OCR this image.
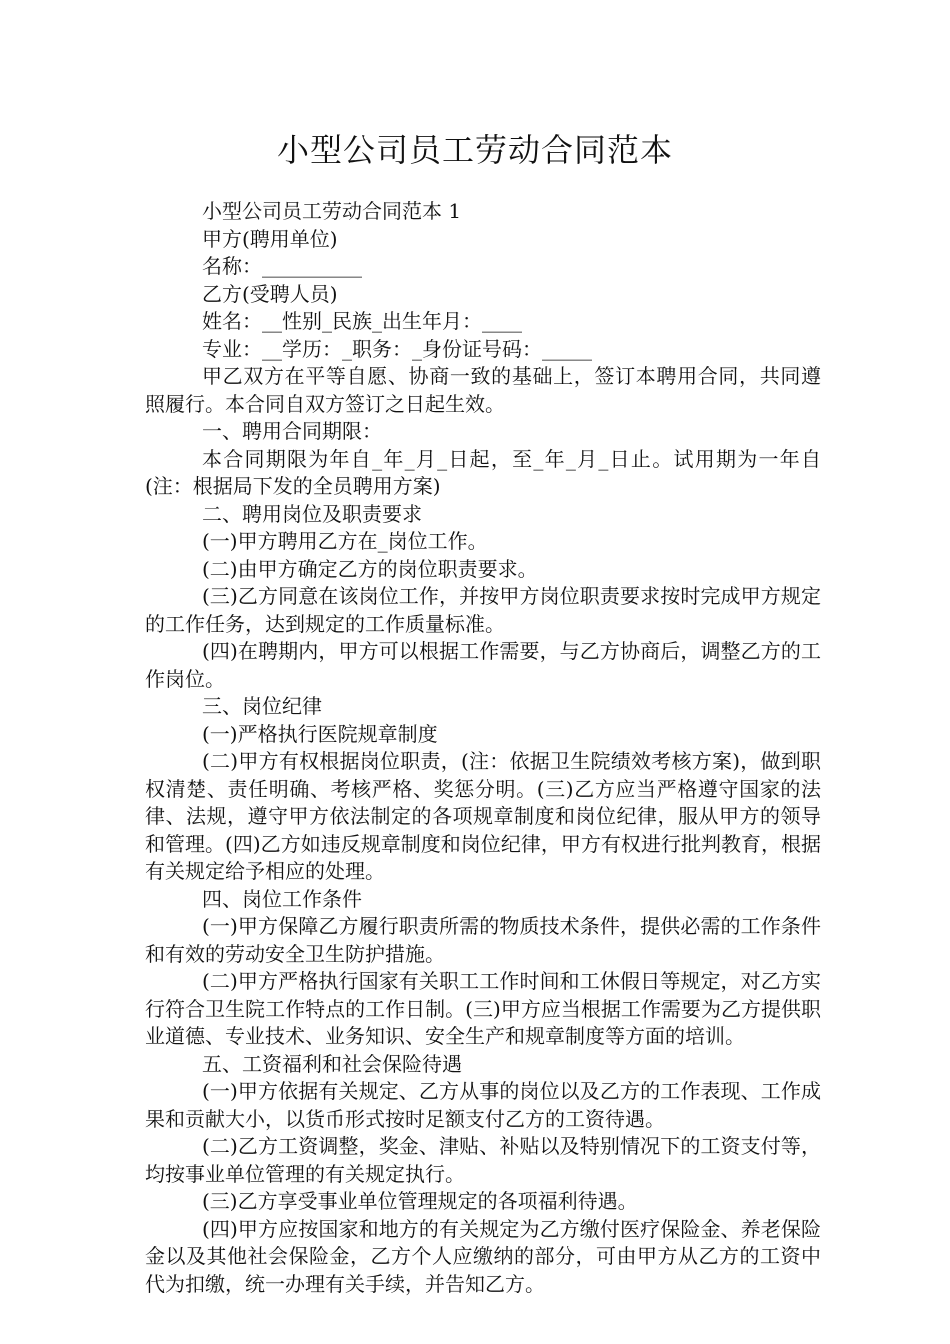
小型公司员工劳动合同范本

小型公司员工劳动合同范本 1

甲方(聘用单位)

名称：__________

乙方(受聘人员)

姓名：__性别_民族_出生年月：____

专业：__学历：_职务：_身份证号码：_____

甲乙双方在平等自愿、协商一致的基础上，签订本聘用合同，共同遵照履行。本合同自双方签订之日起生效。

一、聘用合同期限：

本合同期限为年自_年_月_日起，至_年_月_日止。试用期为一年自(注：根据局下发的全员聘用方案)

二、聘用岗位及职责要求

(一)甲方聘用乙方在_岗位工作。

(二)由甲方确定乙方的岗位职责要求。

(三)乙方同意在该岗位工作，并按甲方岗位职责要求按时完成甲方规定的工作任务，达到规定的工作质量标准。

(四)在聘期内，甲方可以根据工作需要，与乙方协商后，调整乙方的工作岗位。

三、岗位纪律

(一)严格执行医院规章制度

(二)甲方有权根据岗位职责，(注：依据卫生院绩效考核方案)，做到职权清楚、责任明确、考核严格、奖惩分明。(三)乙方应当严格遵守国家的法律、法规，遵守甲方依法制定的各项规章制度和岗位纪律，服从甲方的领导和管理。(四)乙方如违反规章制度和岗位纪律，甲方有权进行批判教育，根据有关规定给予相应的处理。

四、岗位工作条件

(一)甲方保障乙方履行职责所需的物质技术条件，提供必需的工作条件和有效的劳动安全卫生防护措施。

(二)甲方严格执行国家有关职工工作时间和工休假日等规定，对乙方实行符合卫生院工作特点的工作日制。(三)甲方应当根据工作需要为乙方提供职业道德、专业技术、业务知识、安全生产和规章制度等方面的培训。

五、工资福利和社会保险待遇

(一)甲方依据有关规定、乙方从事的岗位以及乙方的工作表现、工作成果和贡献大小，以货币形式按时足额支付乙方的工资待遇。

(二)乙方工资调整，奖金、津贴、补贴以及特别情况下的工资支付等，均按事业单位管理的有关规定执行。

(三)乙方享受事业单位管理规定的各项福利待遇。

(四)甲方应按国家和地方的有关规定为乙方缴付医疗保险金、养老保险金以及其他社会保险金，乙方个人应缴纳的部分，可由甲方从乙方的工资中代为扣缴，统一办理有关手续，并告知乙方。
